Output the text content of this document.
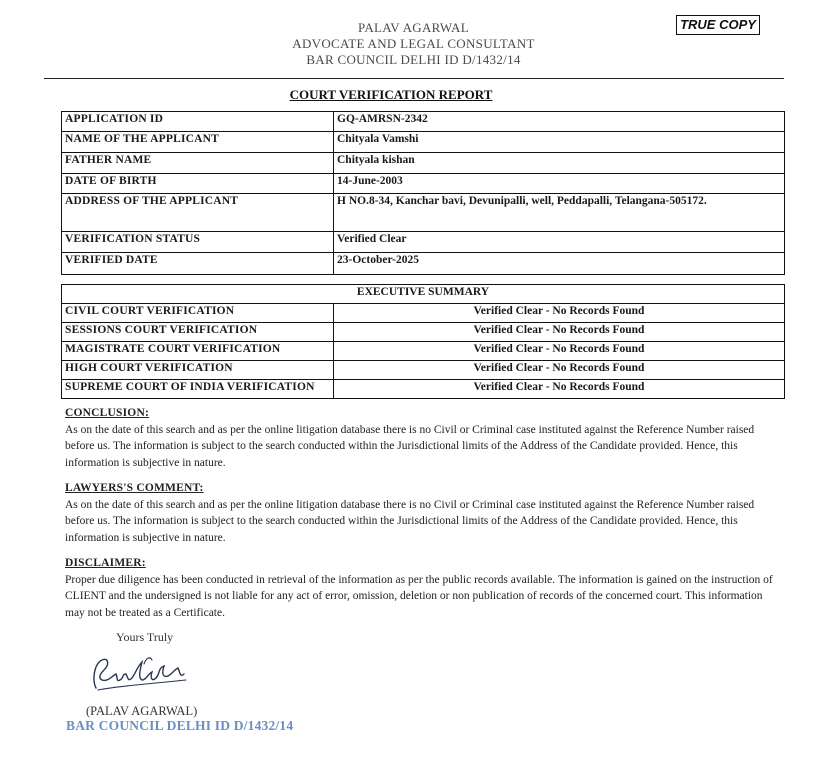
PALAV AGARWAL
ADVOCATE AND LEGAL CONSULTANT
BAR COUNCIL DELHI ID D/1432/14
TRUE COPY
COURT VERIFICATION REPORT
APPLICATION ID	GQ-AMRSN-2342
NAME OF THE APPLICANT	Chityala Vamshi
FATHER NAME	Chityala kishan
DATE OF BIRTH	14-June-2003
ADDRESS OF THE APPLICANT	H NO.8-34, Kanchar bavi, Devunipalli, well, Peddapalli, Telangana-505172.
VERIFICATION STATUS	Verified Clear
VERIFIED DATE	23-October-2025
EXECUTIVE SUMMARY	
CIVIL COURT VERIFICATION	Verified Clear - No Records Found
SESSIONS COURT VERIFICATION	Verified Clear - No Records Found
MAGISTRATE COURT VERIFICATION	Verified Clear - No Records Found
HIGH COURT VERIFICATION	Verified Clear - No Records Found
SUPREME COURT OF INDIA VERIFICATION	Verified Clear - No Records Found
CONCLUSION:
As on the date of this search and as per the online litigation database there is no Civil or Criminal case instituted against the Reference Number raised before us. The information is subject to the search conducted within the Jurisdictional limits of the Address of the Candidate provided. Hence, this information is subjective in nature.
LAWYERS'S COMMENT:
As on the date of this search and as per the online litigation database there is no Civil or Criminal case instituted against the Reference Number raised before us. The information is subject to the search conducted within the Jurisdictional limits of the Address of the Candidate provided. Hence, this information is subjective in nature.
DISCLAIMER:
Proper due diligence has been conducted in retrieval of the information as per the public records available. The information is gained on the instruction of CLIENT and the undersigned is not liable for any act of error, omission, deletion or non publication of records of the concerned court. This information may not be treated as a Certificate.
Yours Truly
(PALAV AGARWAL)
BAR COUNCIL DELHI ID D/1432/14
